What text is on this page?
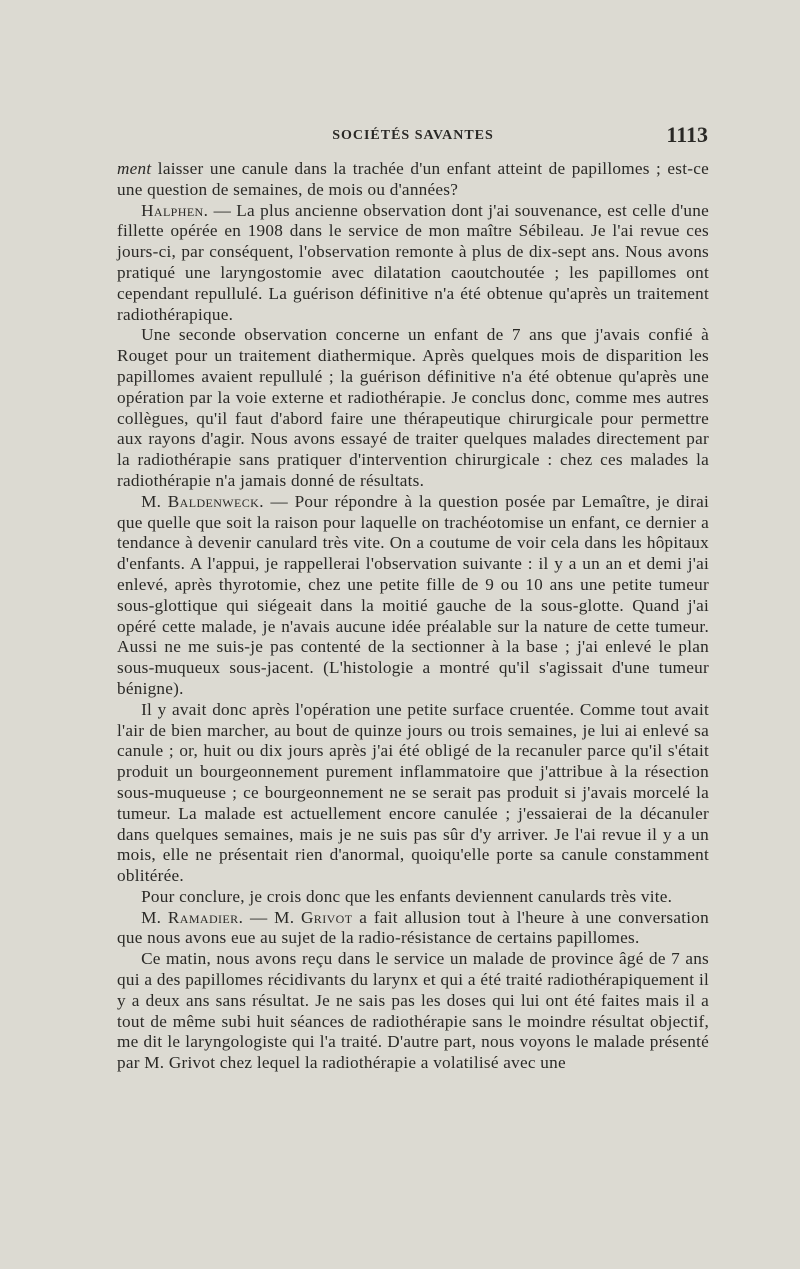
SOCIÉTÉS SAVANTES	1113

ment laisser une canule dans la trachée d'un enfant atteint de papillomes ; est-ce une question de semaines, de mois ou d'années?

Halphen. — La plus ancienne observation dont j'ai souvenance, est celle d'une fillette opérée en 1908 dans le service de mon maître Sébileau. Je l'ai revue ces jours-ci, par conséquent, l'observation remonte à plus de dix-sept ans. Nous avons pratiqué une laryngostomie avec dilatation caoutchoutée ; les papillomes ont cependant repullulé. La guérison définitive n'a été obtenue qu'après un traitement radiothérapique.

Une seconde observation concerne un enfant de 7 ans que j'avais confié à Rouget pour un traitement diathermique. Après quelques mois de disparition les papillomes avaient repullulé ; la guérison définitive n'a été obtenue qu'après une opération par la voie externe et radiothérapie. Je conclus donc, comme mes autres collègues, qu'il faut d'abord faire une thérapeutique chirurgicale pour permettre aux rayons d'agir. Nous avons essayé de traiter quelques malades directement par la radiothérapie sans pratiquer d'intervention chirurgicale : chez ces malades la radiothérapie n'a jamais donné de résultats.

M. Baldenweck. — Pour répondre à la question posée par Lemaître, je dirai que quelle que soit la raison pour laquelle on trachéotomise un enfant, ce dernier a tendance à devenir canulard très vite. On a coutume de voir cela dans les hôpitaux d'enfants. A l'appui, je rappellerai l'observation suivante : il y a un an et demi j'ai enlevé, après thyrotomie, chez une petite fille de 9 ou 10 ans une petite tumeur sous-glottique qui siégeait dans la moitié gauche de la sous-glotte. Quand j'ai opéré cette malade, je n'avais aucune idée préalable sur la nature de cette tumeur. Aussi ne me suis-je pas contenté de la sectionner à la base ; j'ai enlevé le plan sous-muqueux sous-jacent. (L'histologie a montré qu'il s'agissait d'une tumeur bénigne).

Il y avait donc après l'opération une petite surface cruentée. Comme tout avait l'air de bien marcher, au bout de quinze jours ou trois semaines, je lui ai enlevé sa canule ; or, huit ou dix jours après j'ai été obligé de la recanuler parce qu'il s'était produit un bourgeonnement purement inflammatoire que j'attribue à la résection sous-muqueuse ; ce bourgeonnement ne se serait pas produit si j'avais morcelé la tumeur. La malade est actuellement encore canulée ; j'essaierai de la décanuler dans quelques semaines, mais je ne suis pas sûr d'y arriver. Je l'ai revue il y a un mois, elle ne présentait rien d'anormal, quoiqu'elle porte sa canule constamment oblitérée.

Pour conclure, je crois donc que les enfants deviennent canulards très vite.

M. Ramadier. — M. Grivot a fait allusion tout à l'heure à une conversation que nous avons eue au sujet de la radio-résistance de certains papillomes.

Ce matin, nous avons reçu dans le service un malade de province âgé de 7 ans qui a des papillomes récidivants du larynx et qui a été traité radiothérapiquement il y a deux ans sans résultat. Je ne sais pas les doses qui lui ont été faites mais il a tout de même subi huit séances de radiothérapie sans le moindre résultat objectif, me dit le laryngologiste qui l'a traité. D'autre part, nous voyons le malade présenté par M. Grivot chez lequel la radiothérapie a volatilisé avec une
